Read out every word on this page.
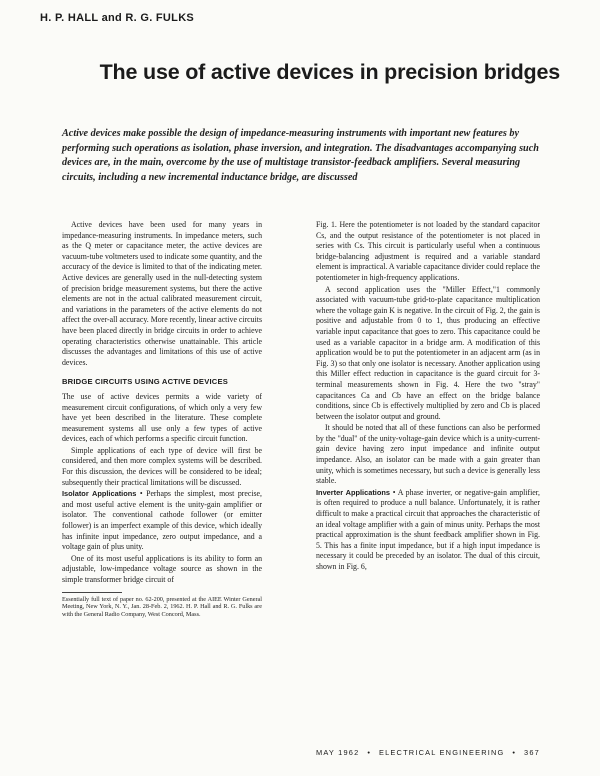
H. P. HALL and R. G. FULKS
The use of active devices in precision bridges

Active devices make possible the design of impedance-measuring instruments with important new features by performing such operations as isolation, phase inversion, and integration. The disadvantages accompanying such devices are, in the main, overcome by the use of multistage transistor-feedback amplifiers. Several measuring circuits, including a new incremental inductance bridge, are discussed

Active devices have been used for many years in impedance-measuring instruments. In impedance meters, such as the Q meter or capacitance meter, the active devices are vacuum-tube voltmeters used to indicate some quantity, and the accuracy of the device is limited to that of the indicating meter. Active devices are generally used in the null-detecting system of precision bridge measurement systems, but there the active elements are not in the actual calibrated measurement circuit, and variations in the parameters of the active elements do not affect the over-all accuracy. More recently, linear active circuits have been placed directly in bridge circuits in order to achieve operating characteristics otherwise unattainable. This article discusses the advantages and limitations of this use of active devices.

BRIDGE CIRCUITS USING ACTIVE DEVICES

The use of active devices permits a wide variety of measurement circuit configurations, of which only a very few have yet been described in the literature. These complete measurement systems all use only a few types of active devices, each of which performs a specific circuit function.

Simple applications of each type of device will first be considered, and then more complex systems will be described. For this discussion, the devices will be considered to be ideal; subsequently their practical limitations will be discussed.

Isolator Applications • Perhaps the simplest, most precise, and most useful active element is the unity-gain amplifier or isolator. The conventional cathode follower (or emitter follower) is an imperfect example of this device, which ideally has infinite input impedance, zero output impedance, and a voltage gain of plus unity.

One of its most useful applications is its ability to form an adjustable, low-impedance voltage source as shown in the simple transformer bridge circuit of

Essentially full text of paper no. 62-200, presented at the AIEE Winter General Meeting, New York, N. Y., Jan. 28-Feb. 2, 1962. H. P. Hall and R. G. Fulks are with the General Radio Company, West Concord, Mass.

Fig. 1. Here the potentiometer is not loaded by the standard capacitor Cs, and the output resistance of the potentiometer is not placed in series with Cs. This circuit is particularly useful when a continuous bridge-balancing adjustment is required and a variable standard element is impractical. A variable capacitance divider could replace the potentiometer in high-frequency applications.

A second application uses the "Miller Effect,"1 commonly associated with vacuum-tube grid-to-plate capacitance multiplication where the voltage gain K is negative. In the circuit of Fig. 2, the gain is positive and adjustable from 0 to 1, thus producing an effective variable input capacitance that goes to zero. This capacitance could be used as a variable capacitor in a bridge arm. A modification of this application would be to put the potentiometer in an adjacent arm (as in Fig. 3) so that only one isolator is necessary. Another application using this Miller effect reduction in capacitance is the guard circuit for 3-terminal measurements shown in Fig. 4. Here the two "stray" capacitances Ca and Cb have an effect on the bridge balance conditions, since Cb is effectively multiplied by zero and Cb is placed between the isolator output and ground.

It should be noted that all of these functions can also be performed by the "dual" of the unity-voltage-gain device which is a unity-current-gain device having zero input impedance and infinite output impedance. Also, an isolator can be made with a gain greater than unity, which is sometimes necessary, but such a device is generally less stable.

Inverter Applications • A phase inverter, or negative-gain amplifier, is often required to produce a null balance. Unfortunately, it is rather difficult to make a practical circuit that approaches the characteristic of an ideal voltage amplifier with a gain of minus unity. Perhaps the most practical approximation is the shunt feedback amplifier shown in Fig. 5. This has a finite input impedance, but if a high input impedance is necessary it could be preceded by an isolator. The dual of this circuit, shown in Fig. 6,

MAY 1962 • ELECTRICAL ENGINEERING • 367
